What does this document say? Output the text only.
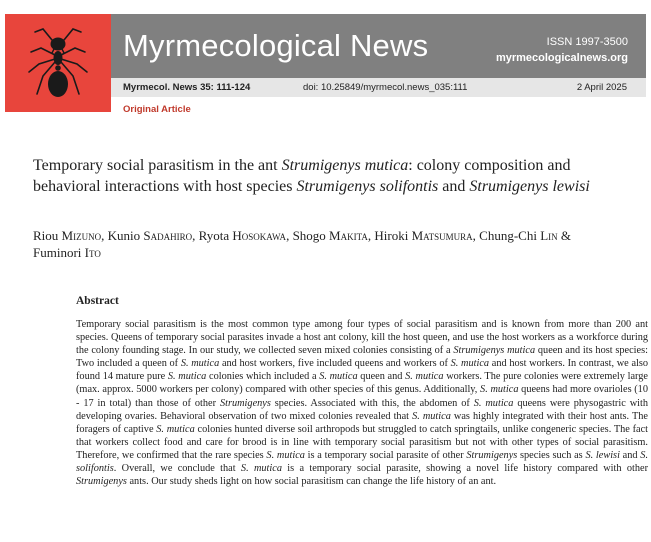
Myrmecological News	ISSN 1997-3500
myrmecologicalnews.org
Myrmecol. News 35: 111-124	doi: 10.25849/myrmecol.news_035:111	2 April 2025
Original Article
Temporary social parasitism in the ant Strumigenys mutica: colony composition and behavioral interactions with host species Strumigenys solifontis and Strumigenys lewisi
Riou Mizuno, Kunio Sadahiro, Ryota Hosokawa, Shogo Makita, Hiroki Matsumura, Chung-Chi Lin & Fuminori Ito
Abstract
Temporary social parasitism is the most common type among four types of social parasitism and is known from more than 200 ant species. Queens of temporary social parasites invade a host ant colony, kill the host queen, and use the host workers as a workforce during the colony founding stage. In our study, we collected seven mixed colonies consisting of a Strumigenys mutica queen and its host species: Two included a queen of S. mutica and host workers, five included queens and workers of S. mutica and host workers. In contrast, we also found 14 mature pure S. mutica colonies which included a S. mutica queen and S. mutica workers. The pure colonies were extremely large (max. approx. 5000 workers per colony) compared with other species of this genus. Additionally, S. mutica queens had more ovarioles (10 - 17 in total) than those of other Strumigenys species. Associated with this, the abdomen of S. mutica queens were physogastric with developing ovaries. Behavioral observation of two mixed colonies revealed that S. mutica was highly integrated with their host ants. The foragers of captive S. mutica colonies hunted diverse soil arthropods but struggled to catch springtails, unlike congeneric species. The fact that workers collect food and care for brood is in line with temporary social parasitism but not with other types of social parasitism. Therefore, we confirmed that the rare species S. mutica is a temporary social parasite of other Strumigenys species such as S. lewisi and S. solifontis. Overall, we conclude that S. mutica is a temporary social parasite, showing a novel life history compared with other Strumigenys ants. Our study sheds light on how social parasitism can change the life history of an ant.
